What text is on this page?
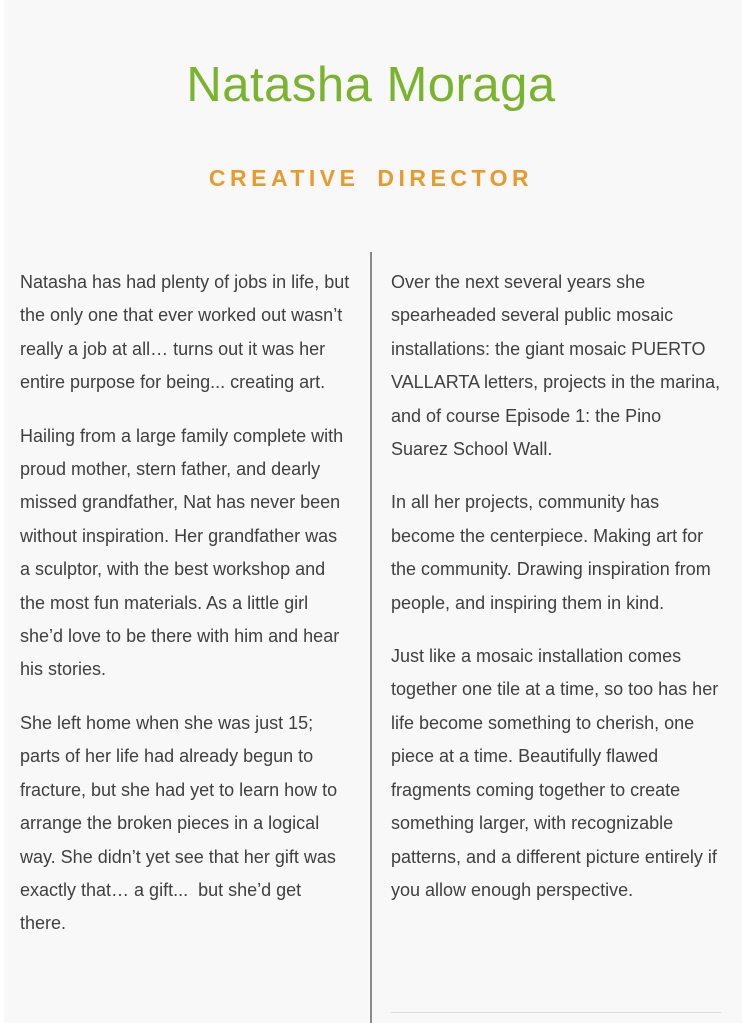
Natasha Moraga
CREATIVE DIRECTOR

Natasha has had plenty of jobs in life, but the only one that ever worked out wasn’t really a job at all… turns out it was her entire purpose for being... creating art.

Hailing from a large family complete with proud mother, stern father, and dearly missed grandfather, Nat has never been without inspiration. Her grandfather was a sculptor, with the best workshop and the most fun materials. As a little girl she’d love to be there with him and hear his stories.

She left home when she was just 15; parts of her life had already begun to fracture, but she had yet to learn how to arrange the broken pieces in a logical way. She didn’t yet see that her gift was exactly that… a gift...  but she’d get there.

Over the next several years she spearheaded several public mosaic installations: the giant mosaic PUERTO VALLARTA letters, projects in the marina, and of course Episode 1: the Pino Suarez School Wall.

In all her projects, community has become the centerpiece. Making art for the community. Drawing inspiration from people, and inspiring them in kind.

Just like a mosaic installation comes together one tile at a time, so too has her life become something to cherish, one piece at a time. Beautifully flawed fragments coming together to create something larger, with recognizable patterns, and a different picture entirely if you allow enough perspective.
